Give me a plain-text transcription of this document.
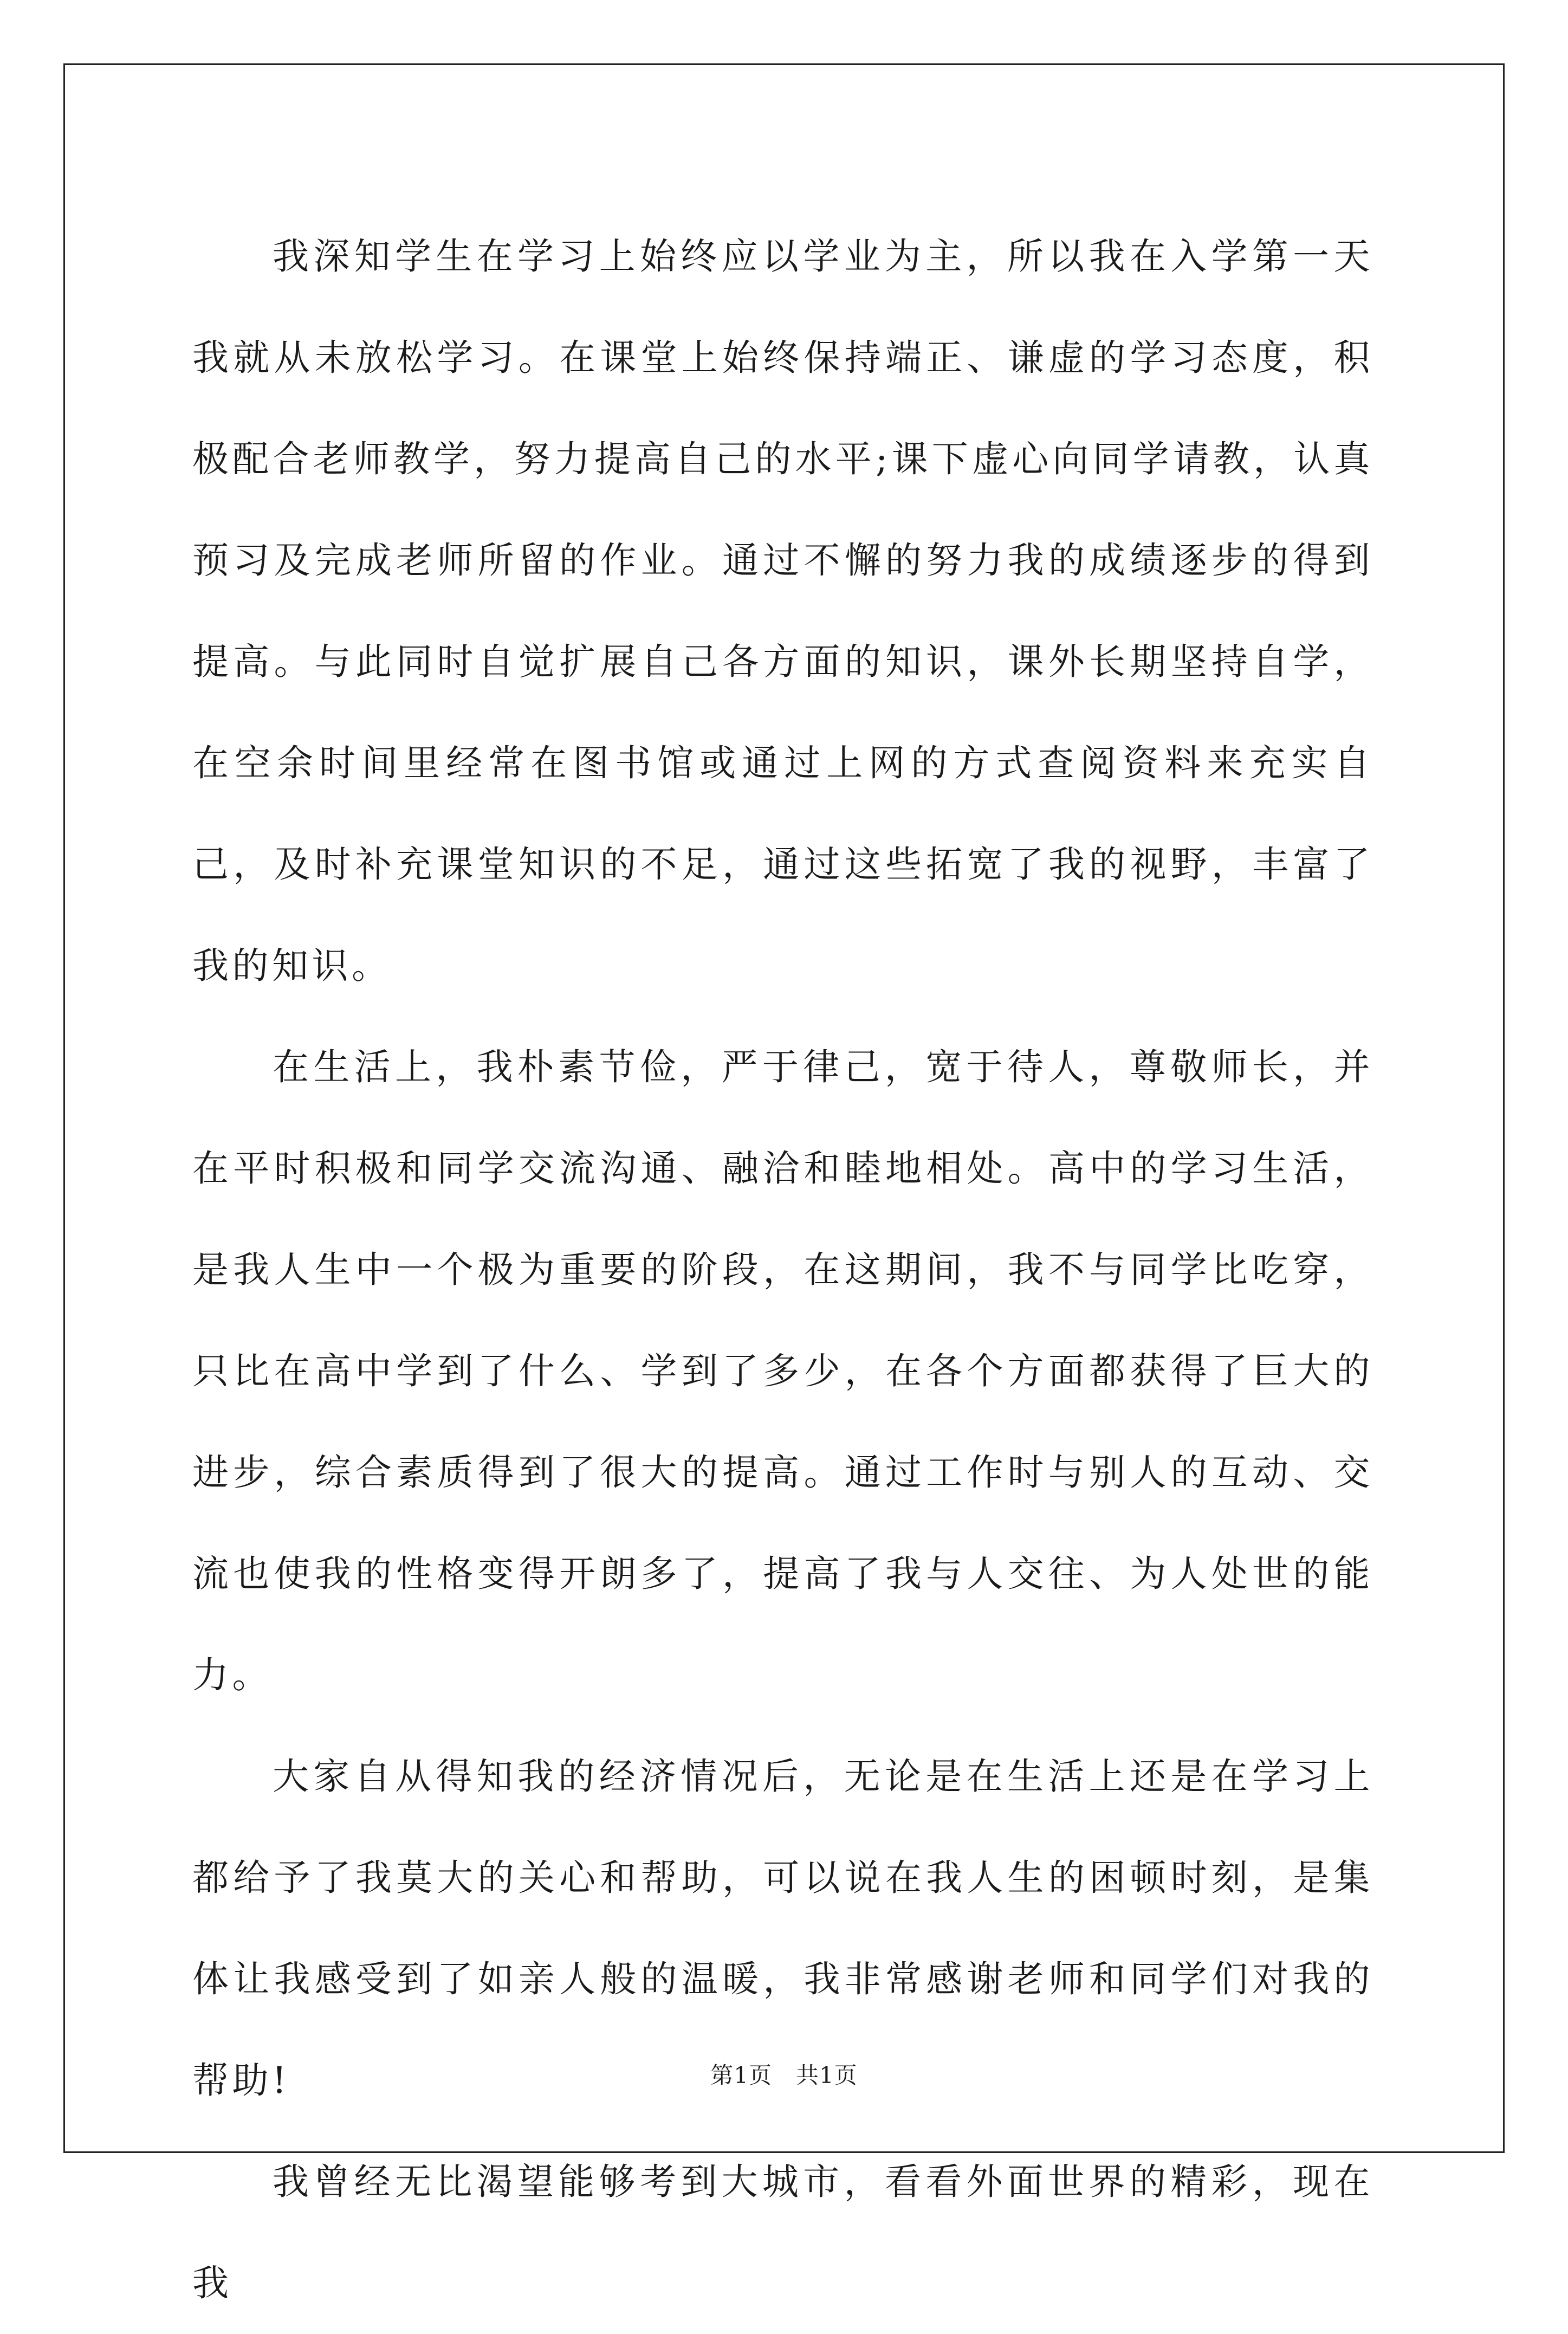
我深知学生在学习上始终应以学业为主，所以我在入学第一天我就从未放松学习。在课堂上始终保持端正、谦虚的学习态度，积极配合老师教学，努力提高自己的水平;课下虚心向同学请教，认真预习及完成老师所留的作业。通过不懈的努力我的成绩逐步的得到提高。与此同时自觉扩展自己各方面的知识，课外长期坚持自学，在空余时间里经常在图书馆或通过上网的方式查阅资料来充实自己，及时补充课堂知识的不足，通过这些拓宽了我的视野，丰富了我的知识。

在生活上，我朴素节俭，严于律己，宽于待人，尊敬师长，并在平时积极和同学交流沟通、融洽和睦地相处。高中的学习生活，是我人生中一个极为重要的阶段，在这期间，我不与同学比吃穿，只比在高中学到了什么、学到了多少，在各个方面都获得了巨大的进步，综合素质得到了很大的提高。通过工作时与别人的互动、交流也使我的性格变得开朗多了，提高了我与人交往、为人处世的能力。

大家自从得知我的经济情况后，无论是在生活上还是在学习上都给予了我莫大的关心和帮助，可以说在我人生的困顿时刻，是集体让我感受到了如亲人般的温暖，我非常感谢老师和同学们对我的帮助!

我曾经无比渴望能够考到大城市，看看外面世界的精彩，现在我

第1页 共1页
